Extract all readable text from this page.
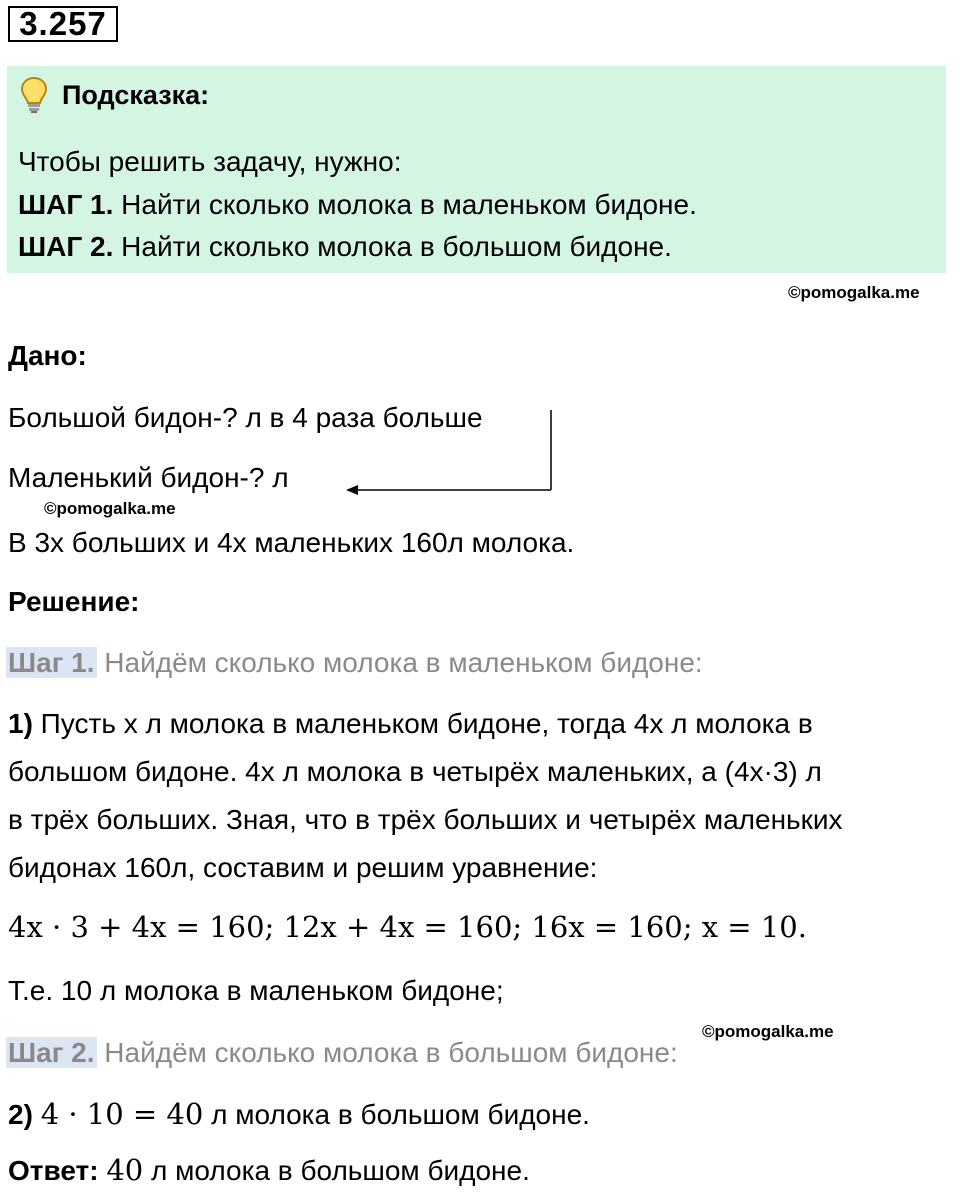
3.257
Подсказка:
Чтобы решить задачу, нужно:
ШАГ 1. Найти сколько молока в маленьком бидоне.
ШАГ 2. Найти сколько молока в большом бидоне.
©pomogalka.me
Дано:
Большой бидон-? л в 4 раза больше
Маленький бидон-? л
©pomogalka.me
В 3х больших и 4х маленьких 160л молока.
Решение:
Шаг 1. Найдём сколько молока в маленьком бидоне:
1) Пусть х л молока в маленьком бидоне, тогда 4х л молока в
большом бидоне. 4х л молока в четырёх маленьких, а (4х·3) л
в трёх больших. Зная, что в трёх больших и четырёх маленьких
бидонах 160л, составим и решим уравнение:
4x · 3 + 4x = 160; 12x + 4x = 160; 16x = 160; x = 10.
Т.е. 10 л молока в маленьком бидоне;
©pomogalka.me
Шаг 2. Найдём сколько молока в большом бидоне:
2) 4 · 10 = 40 л молока в большом бидоне.
Ответ: 40 л молока в большом бидоне.
